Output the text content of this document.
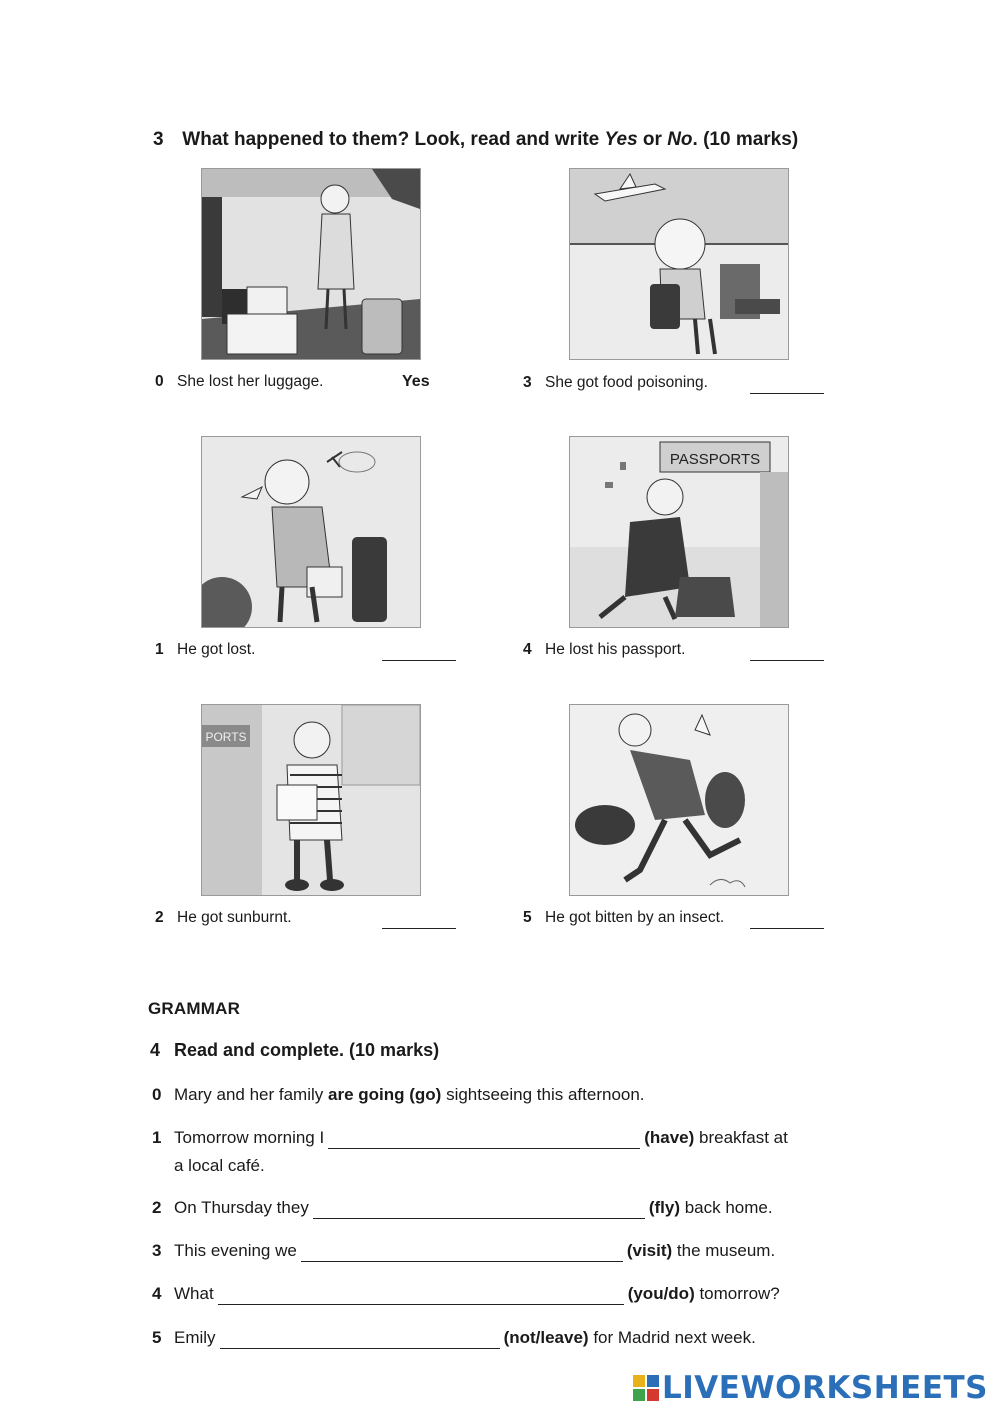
3 What happened to them? Look, read and write Yes or No. (10 marks)
0 She lost her luggage.	Yes	3 She got food poisoning.
1 He got lost.
PASSPORTS
4 He lost his passport.
PORTS
2 He got sunburnt.	5 He got bitten by an insect.
GRAMMAR
4 Read and complete. (10 marks)
0 Mary and her family are going (go) sightseeing this afternoon.
1 Tomorrow morning I	(have) breakfast at
a local café.
2 On Thursday they	(fly) back home.
3 This evening we	(visit) the museum.
4 What	(you/do) tomorrow?
5 Emily	(not/leave) for Madrid next week.
LIVEWORKSHEETS
